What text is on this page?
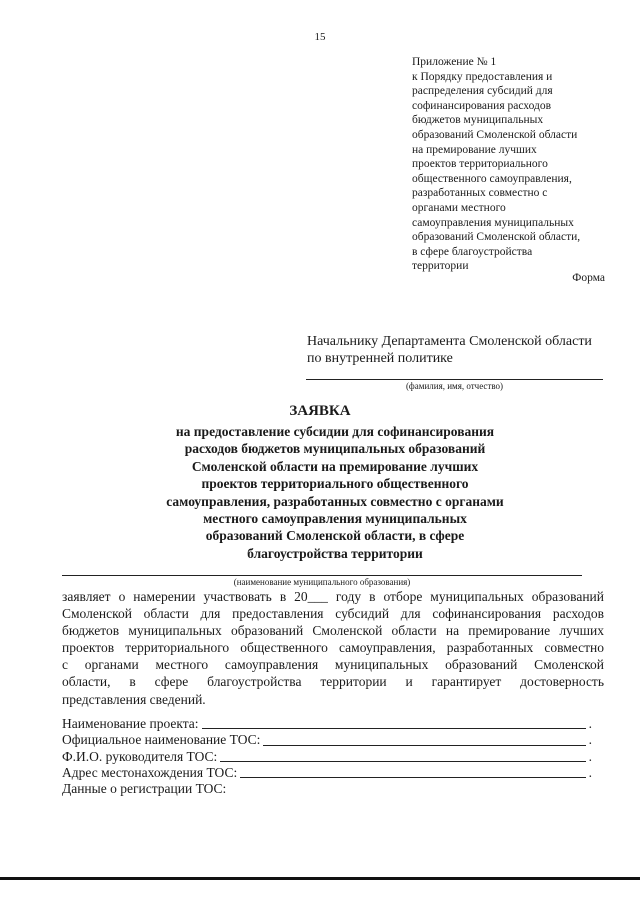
15
Приложение № 1
к Порядку предоставления и
распределения субсидий для
софинансирования расходов
бюджетов муниципальных
образований Смоленской области
на премирование лучших
проектов территориального
общественного самоуправления,
разработанных совместно с
органами местного
самоуправления муниципальных
образований Смоленской области,
в сфере благоустройства
территории
Форма
Начальнику Департамента Смоленской области
по внутренней политике
(фамилия, имя, отчество)
ЗАЯВКА
на предоставление субсидии для софинансирования
расходов бюджетов муниципальных образований
Смоленской области на премирование лучших
проектов территориального общественного
самоуправления, разработанных совместно с органами
местного самоуправления муниципальных
образований Смоленской области, в сфере
благоустройства территории
(наименование муниципального образования)
заявляет о намерении участвовать в 20___ году в отборе муниципальных образований
Смоленской области для предоставления субсидий для софинансирования расходов
бюджетов муниципальных образований Смоленской области на премирование лучших
проектов территориального общественного самоуправления, разработанных совместно
с органами местного самоуправления муниципальных образований Смоленской
области, в сфере благоустройства территории и гарантирует достоверность
представления сведений.
Наименование проекта:	.
Официальное наименование ТОС:	.
Ф.И.О. руководителя ТОС:	.
Адрес местонахождения ТОС:	.
Данные о регистрации ТОС:
